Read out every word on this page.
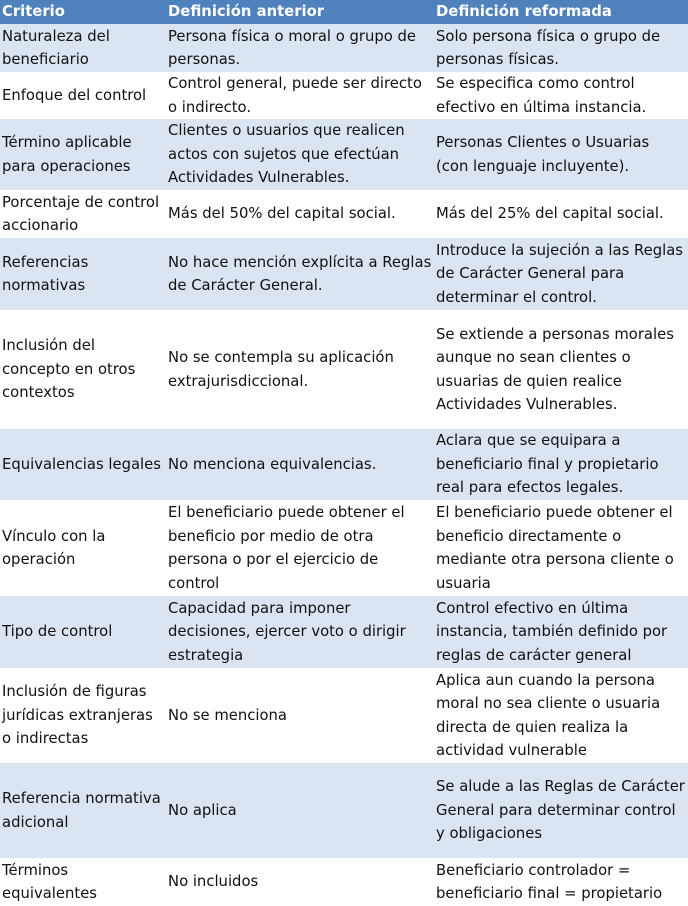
Criterio	Definición anterior	Definición reformada
Naturaleza del beneficiario	Persona física o moral o grupo de personas.	Solo persona física o grupo de personas físicas.
Enfoque del control	Control general, puede ser directo o indirecto.	Se especifica como control efectivo en última instancia.
Término aplicable para operaciones	Clientes o usuarios que realicen actos con sujetos que efectúan Actividades Vulnerables.	Personas Clientes o Usuarias (con lenguaje incluyente).
Porcentaje de control accionario	Más del 50% del capital social.	Más del 25% del capital social.
Referencias normativas	No hace mención explícita a Reglas de Carácter General.	Introduce la sujeción a las Reglas de Carácter General para determinar el control.
Inclusión del concepto en otros contextos	No se contempla su aplicación extrajurisdiccional.	Se extiende a personas morales aunque no sean clientes o usuarias de quien realice Actividades Vulnerables.
Equivalencias legales	No menciona equivalencias.	Aclara que se equipara a beneficiario final y propietario real para efectos legales.
Vínculo con la operación	El beneficiario puede obtener el beneficio por medio de otra persona o por el ejercicio de control	El beneficiario puede obtener el beneficio directamente o mediante otra persona cliente o usuaria
Tipo de control	Capacidad para imponer decisiones, ejercer voto o dirigir estrategia	Control efectivo en última instancia, también definido por reglas de carácter general
Inclusión de figuras jurídicas extranjeras o indirectas	No se menciona	Aplica aun cuando la persona moral no sea cliente o usuaria directa de quien realiza la actividad vulnerable
Referencia normativa adicional	No aplica	Se alude a las Reglas de Carácter General para determinar control y obligaciones
Términos equivalentes	No incluidos	Beneficiario controlador = beneficiario final = propietario
